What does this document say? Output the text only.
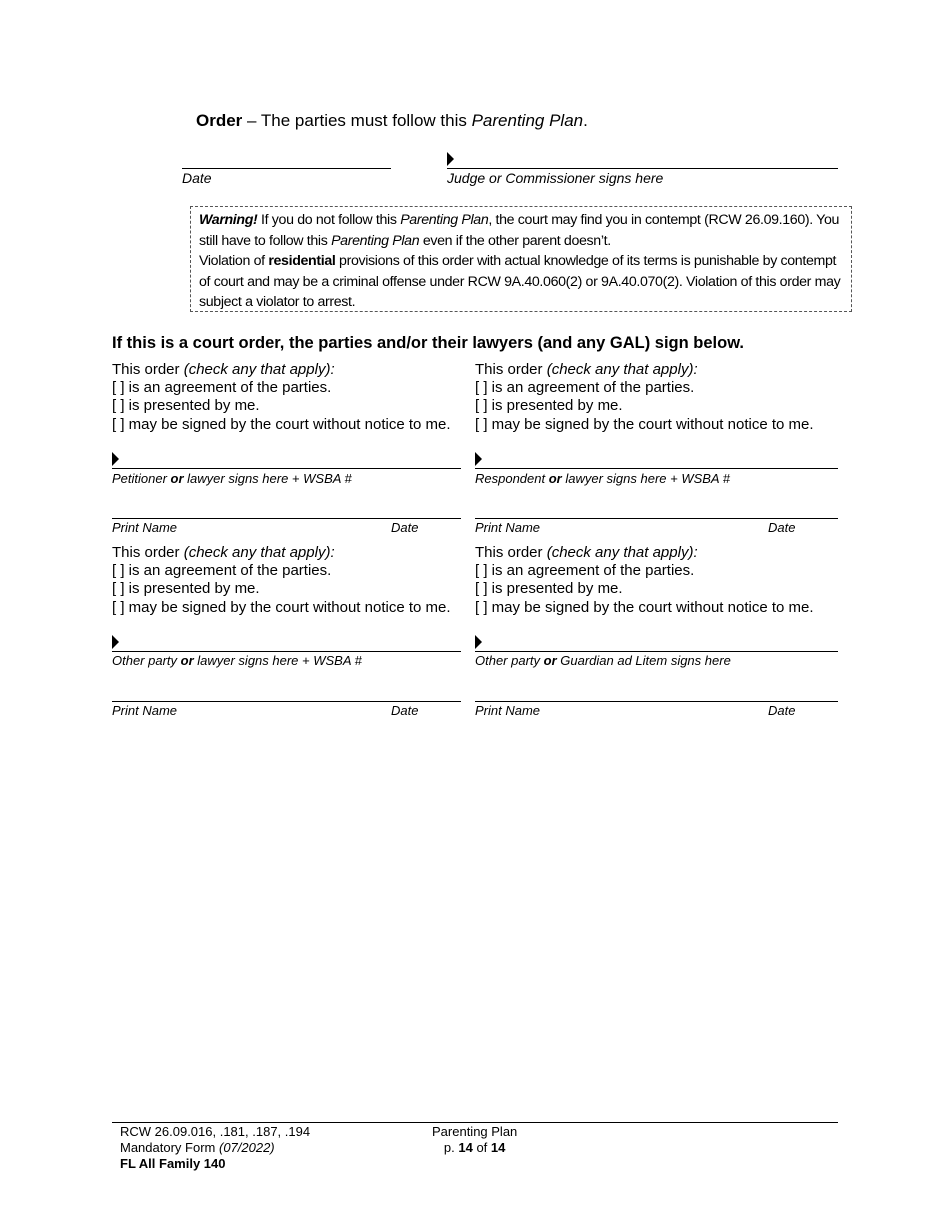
Order – The parties must follow this Parenting Plan.
Date	Judge or Commissioner signs here

Warning! If you do not follow this Parenting Plan, the court may find you in contempt (RCW 26.09.160). You still have to follow this Parenting Plan even if the other parent doesn’t.

Violation of residential provisions of this order with actual knowledge of its terms is punishable by contempt of court and may be a criminal offense under RCW 9A.40.060(2) or 9A.40.070(2). Violation of this order may subject a violator to arrest.

If this is a court order, the parties and/or their lawyers (and any GAL) sign below.
This order (check any that apply):
[ ] is an agreement of the parties.
[ ] is presented by me.
[ ] may be signed by the court without notice to me.
This order (check any that apply):
[ ] is an agreement of the parties.
[ ] is presented by me.
[ ] may be signed by the court without notice to me.
Petitioner or lawyer signs here + WSBA #	Respondent or lawyer signs here + WSBA #
Print Name	Date	Print Name	Date
This order (check any that apply):
[ ] is an agreement of the parties.
[ ] is presented by me.
[ ] may be signed by the court without notice to me.
This order (check any that apply):
[ ] is an agreement of the parties.
[ ] is presented by me.
[ ] may be signed by the court without notice to me.
Other party or lawyer signs here + WSBA #	Other party or Guardian ad Litem signs here
Print Name	Date	Print Name	Date
RCW 26.09.016, .181, .187, .194
Mandatory Form (07/2022)
FL All Family 140
Parenting Plan
p. 14 of 14
